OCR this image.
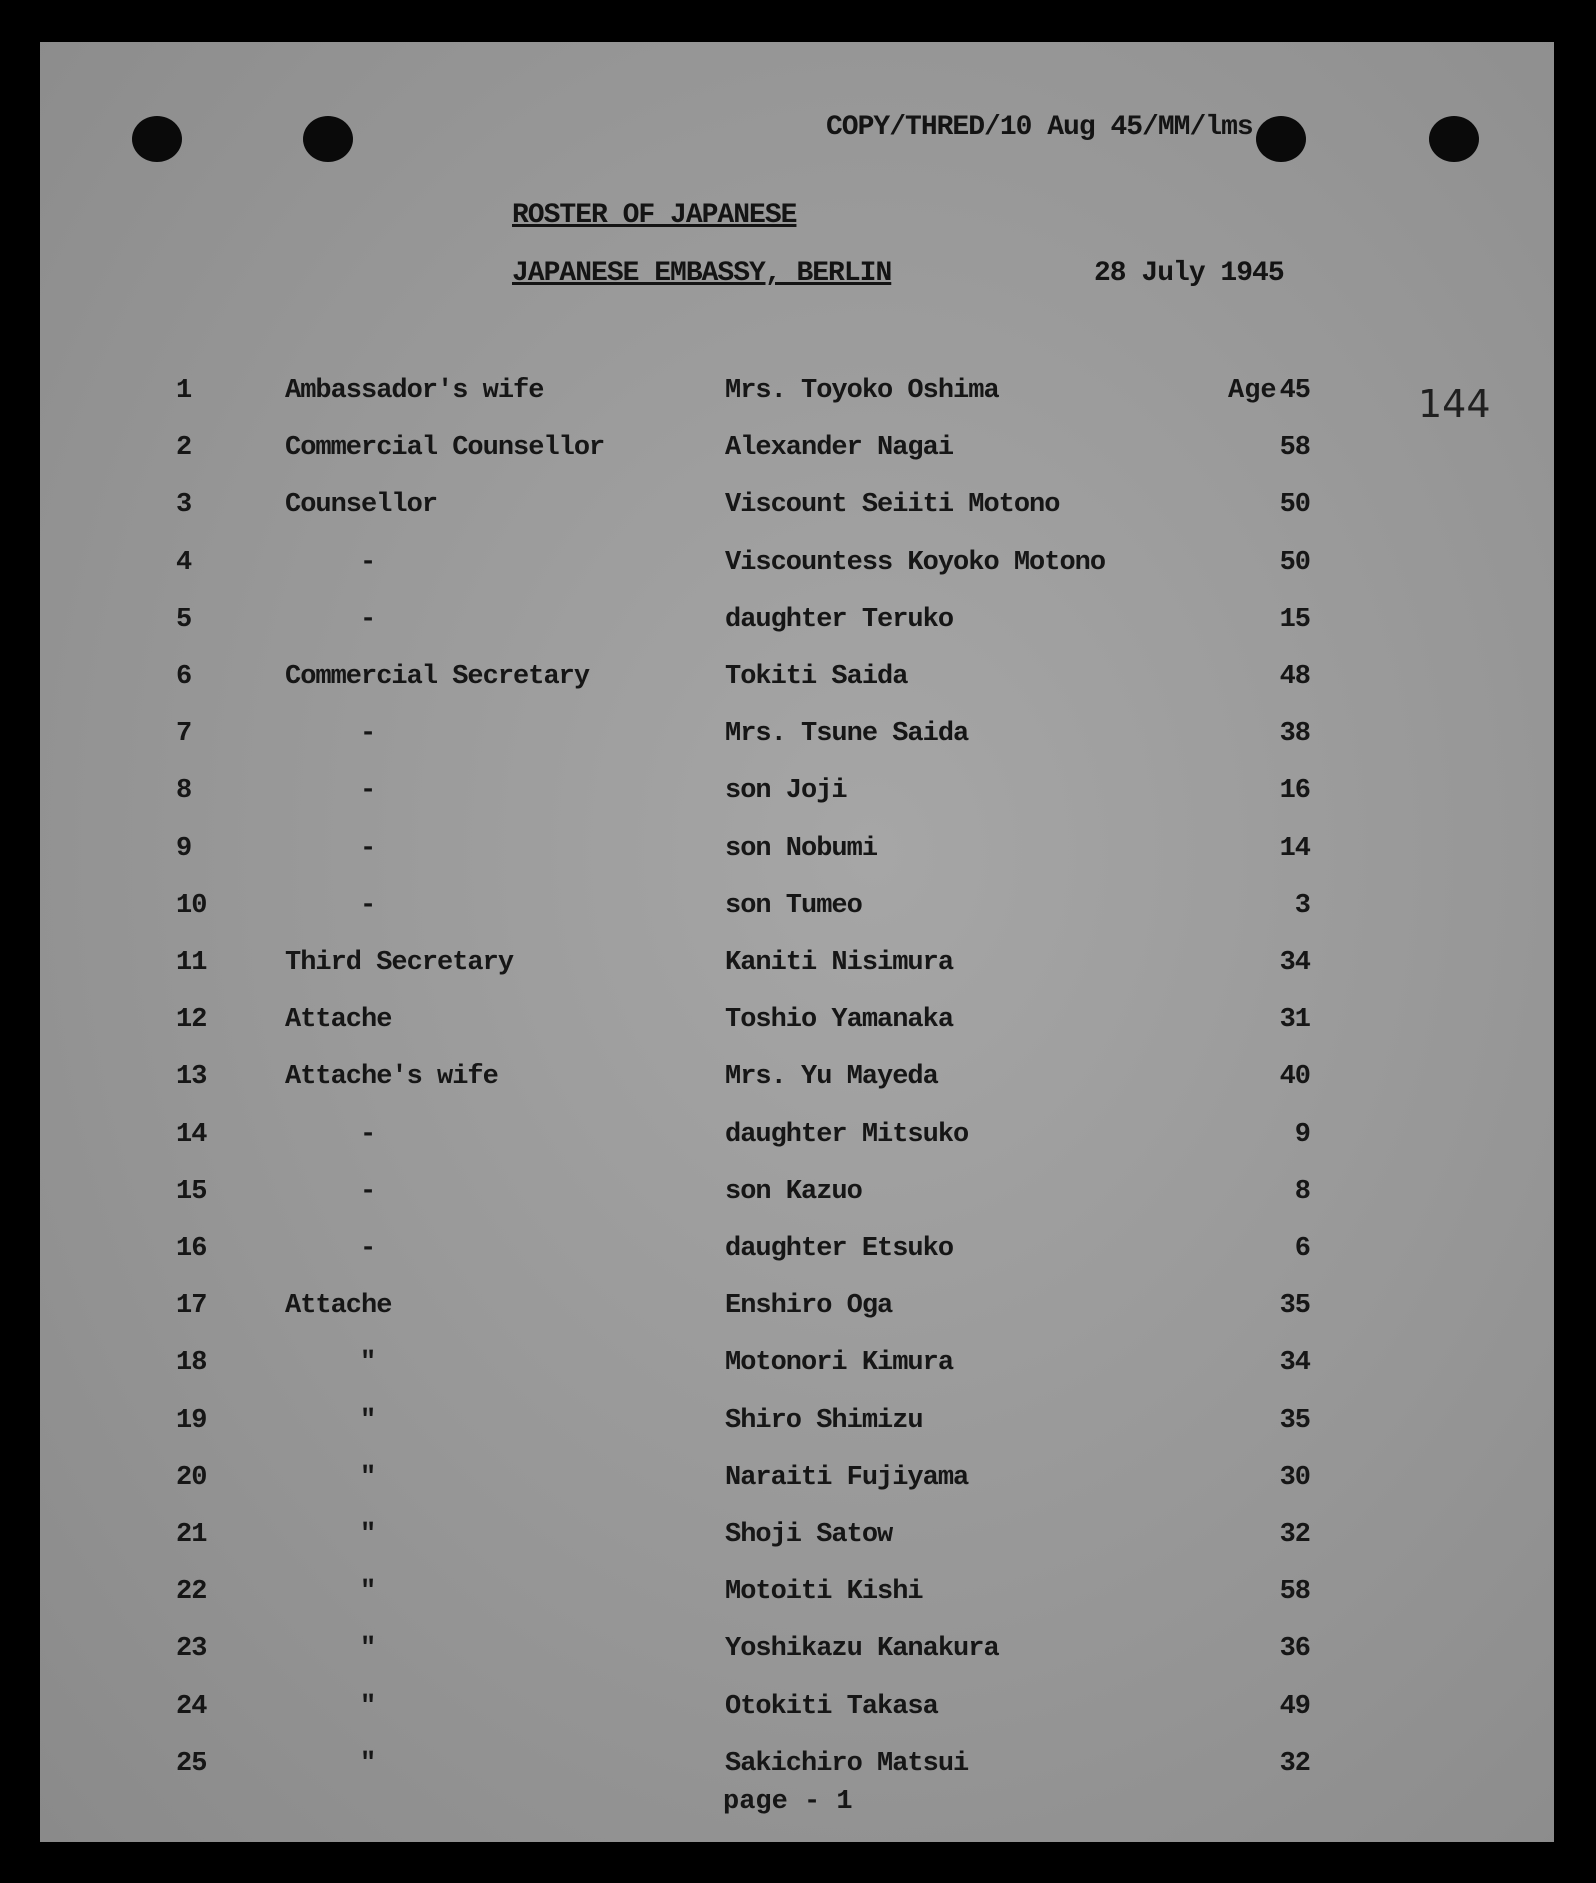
COPY/THRED/10 Aug 45/MM/lms
ROSTER OF JAPANESE
JAPANESE EMBASSY, BERLIN	28 July 1945
144
Age
1	Ambassador's wife	Mrs. Toyoko Oshima	45
2	Commercial Counsellor	Alexander Nagai	58
3	Counsellor	Viscount Seiiti Motono	50
4	-	Viscountess Koyoko Motono	50
5	-	daughter Teruko	15
6	Commercial Secretary	Tokiti Saida	48
7	-	Mrs. Tsune Saida	38
8	-	son Joji	16
9	-	son Nobumi	14
10	-	son Tumeo	3
11	Third Secretary	Kaniti Nisimura	34
12	Attache	Toshio Yamanaka	31
13	Attache's wife	Mrs. Yu Mayeda	40
14	-	daughter Mitsuko	9
15	-	son Kazuo	8
16	-	daughter Etsuko	6
17	Attache	Enshiro Oga	35
18	"	Motonori Kimura	34
19	"	Shiro Shimizu	35
20	"	Naraiti Fujiyama	30
21	"	Shoji Satow	32
22	"	Motoiti Kishi	58
23	"	Yoshikazu Kanakura	36
24	"	Otokiti Takasa	49
25	"	Sakichiro Matsui	32
page - 1
